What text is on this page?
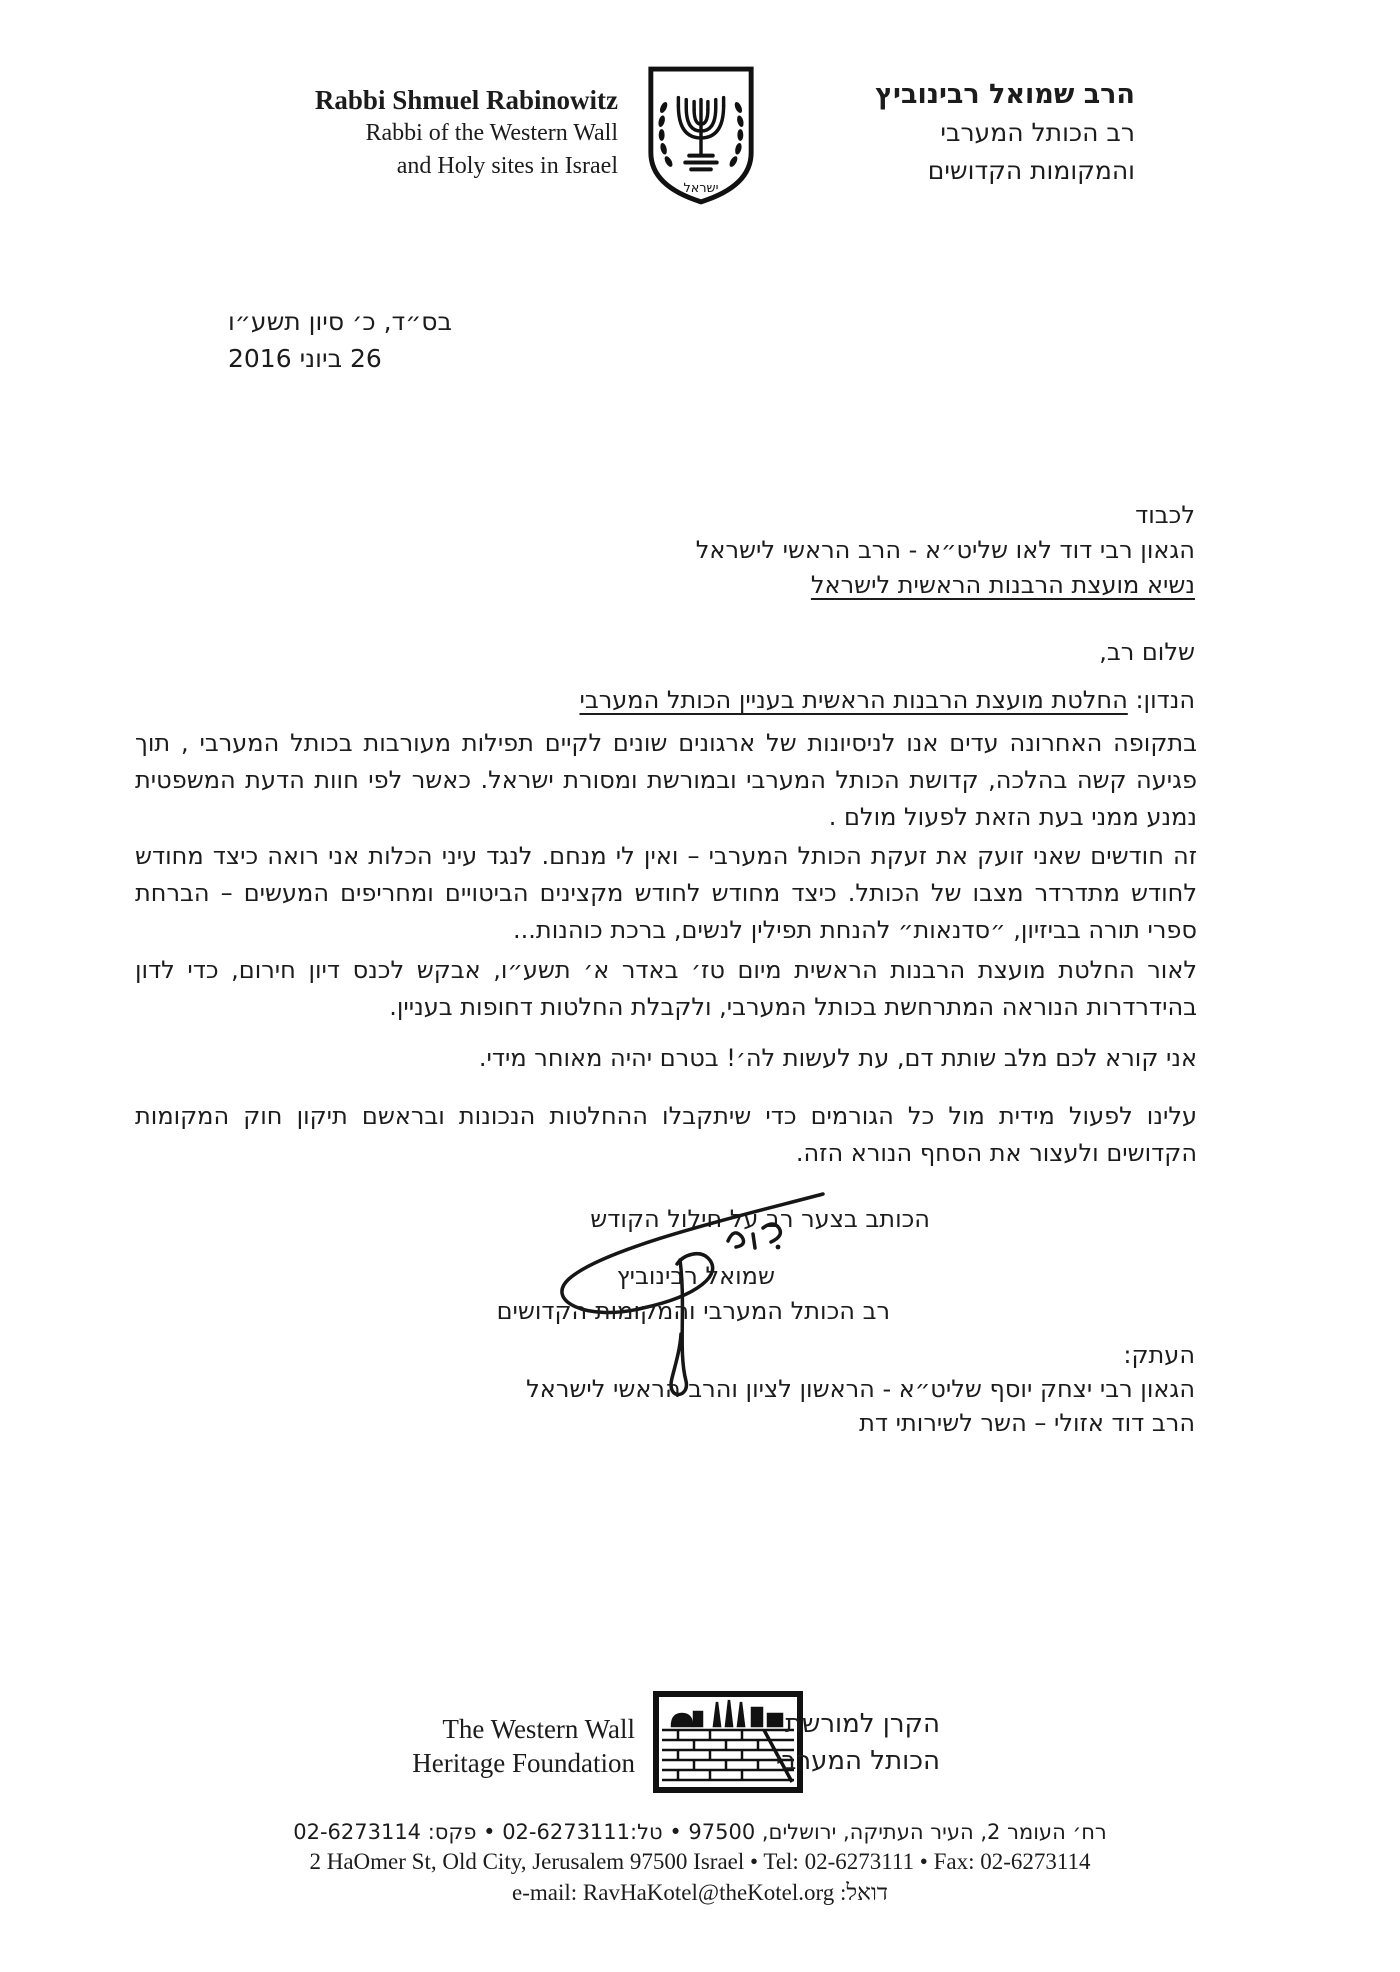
Rabbi Shmuel Rabinowitz
Rabbi of the Western Wall
and Holy sites in Israel
ישראל
הרב שמואל רבינוביץ
רב הכותל המערבי
והמקומות הקדושים
בס״ד, כ׳ סיון תשע״ו
26 ביוני 2016
לכבוד
הגאון רבי דוד לאו שליט״א - הרב הראשי לישראל
נשיא מועצת הרבנות הראשית לישראל
שלום רב,
הנדון: החלטת מועצת הרבנות הראשית בעניין הכותל המערבי

בתקופה האחרונה עדים אנו לניסיונות של ארגונים שונים לקיים תפילות מעורבות בכותל המערבי , תוך פגיעה קשה בהלכה, קדושת הכותל המערבי ובמורשת ומסורת ישראל. כאשר לפי חוות הדעת המשפטית נמנע ממני בעת הזאת לפעול מולם .

זה חודשים שאני זועק את זעקת הכותל המערבי – ואין לי מנחם. לנגד עיני הכלות אני רואה כיצד מחודש לחודש מתדרדר מצבו של הכותל. כיצד מחודש לחודש מקצינים הביטויים ומחריפים המעשים – הברחת ספרי תורה בביזיון, ״סדנאות״ להנחת תפילין לנשים, ברכת כוהנות...

לאור החלטת מועצת הרבנות הראשית מיום טז׳ באדר א׳ תשע״ו, אבקש לכנס דיון חירום, כדי לדון בהידרדרות הנוראה המתרחשת בכותל המערבי, ולקבלת החלטות דחופות בעניין.

אני קורא לכם מלב שותת דם, עת לעשות לה׳! בטרם יהיה מאוחר מידי.

עלינו לפעול מידית מול כל הגורמים כדי שיתקבלו ההחלטות הנכונות ובראשם תיקון חוק המקומות הקדושים ולעצור את הסחף הנורא הזה.

הכותב בצער רב על חילול הקודש
שמואל רבינוביץ
רב הכותל המערבי והמקומות הקדושים
העתק:
הגאון רבי יצחק יוסף שליט״א - הראשון לציון והרב הראשי לישראל
הרב דוד אזולי – השר לשירותי דת
The Western Wall
Heritage Foundation
הקרן למורשת
הכותל המערבי
רח׳ העומר 2, העיר העתיקה, ירושלים, 97500 • טל:02-6273111 • פקס: 02-6273114
2 HaOmer St, Old City, Jerusalem 97500 Israel • Tel: 02-6273111 • Fax: 02-6273114
דואל: e-mail: RavHaKotel@theKotel.org
